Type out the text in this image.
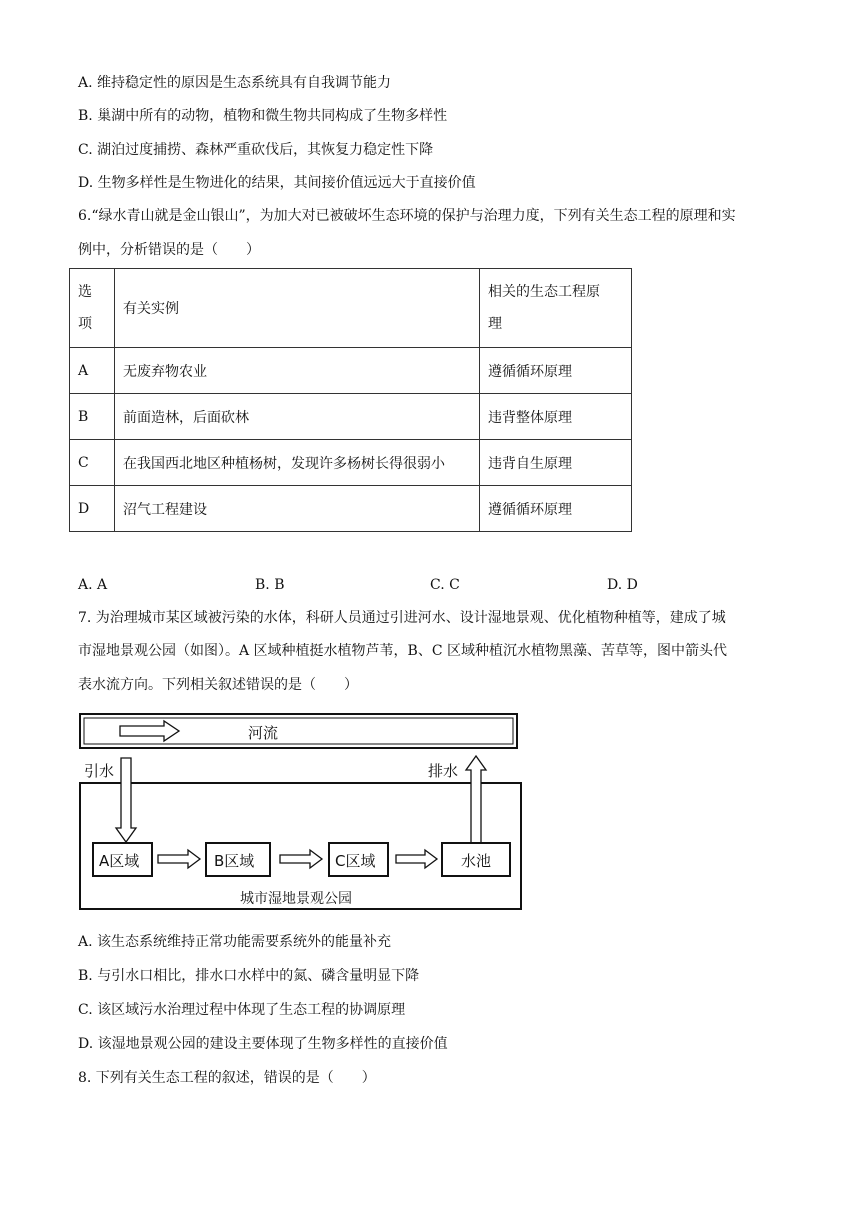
A. 维持稳定性的原因是生态系统具有自我调节能力
B. 巢湖中所有的动物，植物和微生物共同构成了生物多样性
C. 湖泊过度捕捞、森林严重砍伐后，其恢复力稳定性下降
D. 生物多样性是生物进化的结果，其间接价值远远大于直接价值
6.“绿水青山就是金山银山”，为加大对已被破坏生态环境的保护与治理力度，下列有关生态工程的原理和实
例中，分析错误的是（　　）
选
项	有关实例	相关的生态工程原
理

A	无废弃物农业	遵循循环原理
B	前面造林，后面砍林	违背整体原理
C	在我国西北地区种植杨树，发现许多杨树长得很弱小	违背自生原理
D	沼气工程建设	遵循循环原理
A. A	B. B	C. C	D. D
7. 为治理城市某区域被污染的水体，科研人员通过引进河水、设计湿地景观、优化植物种植等，建成了城
市湿地景观公园（如图）。A 区域种植挺水植物芦苇，B、C 区域种植沉水植物黑藻、苦草等，图中箭头代
表水流方向。下列相关叙述错误的是（　　）
河流
引水	排水
A区域	B区域	C区域	水池
城市湿地景观公园
A. 该生态系统维持正常功能需要系统外的能量补充
B. 与引水口相比，排水口水样中的氮、磷含量明显下降
C. 该区域污水治理过程中体现了生态工程的协调原理
D. 该湿地景观公园的建设主要体现了生物多样性的直接价值
8. 下列有关生态工程的叙述，错误的是（　　）
